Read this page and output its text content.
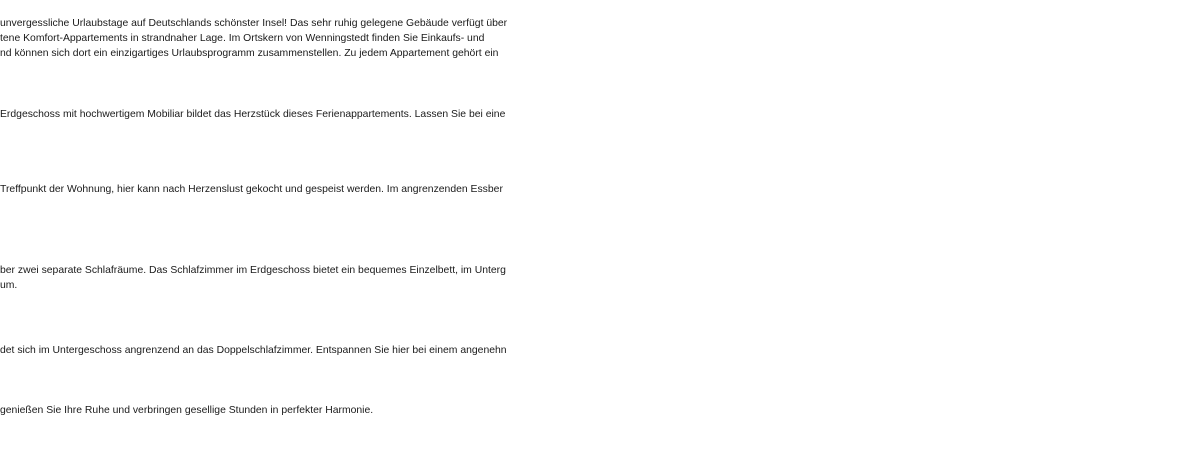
unvergessliche Urlaubstage auf Deutschlands schönster Insel! Das sehr ruhig gelegene Gebäude verfügt über
tene Komfort-Appartements in strandnaher Lage. Im Ortskern von Wenningstedt finden Sie Einkaufs- und
nd können sich dort ein einzigartiges Urlaubsprogramm zusammenstellen. Zu jedem Appartement gehört ein

Erdgeschoss mit hochwertigem Mobiliar bildet das Herzstück dieses Ferienappartements. Lassen Sie bei eine

Treffpunkt der Wohnung, hier kann nach Herzenslust gekocht und gespeist werden. Im angrenzenden Essber

ber zwei separate Schlafräume. Das Schlafzimmer im Erdgeschoss bietet ein bequemes Einzelbett, im Unterg
um.

det sich im Untergeschoss angrenzend an das Doppelschlafzimmer. Entspannen Sie hier bei einem angenehn

genießen Sie Ihre Ruhe und verbringen gesellige Stunden in perfekter Harmonie.
